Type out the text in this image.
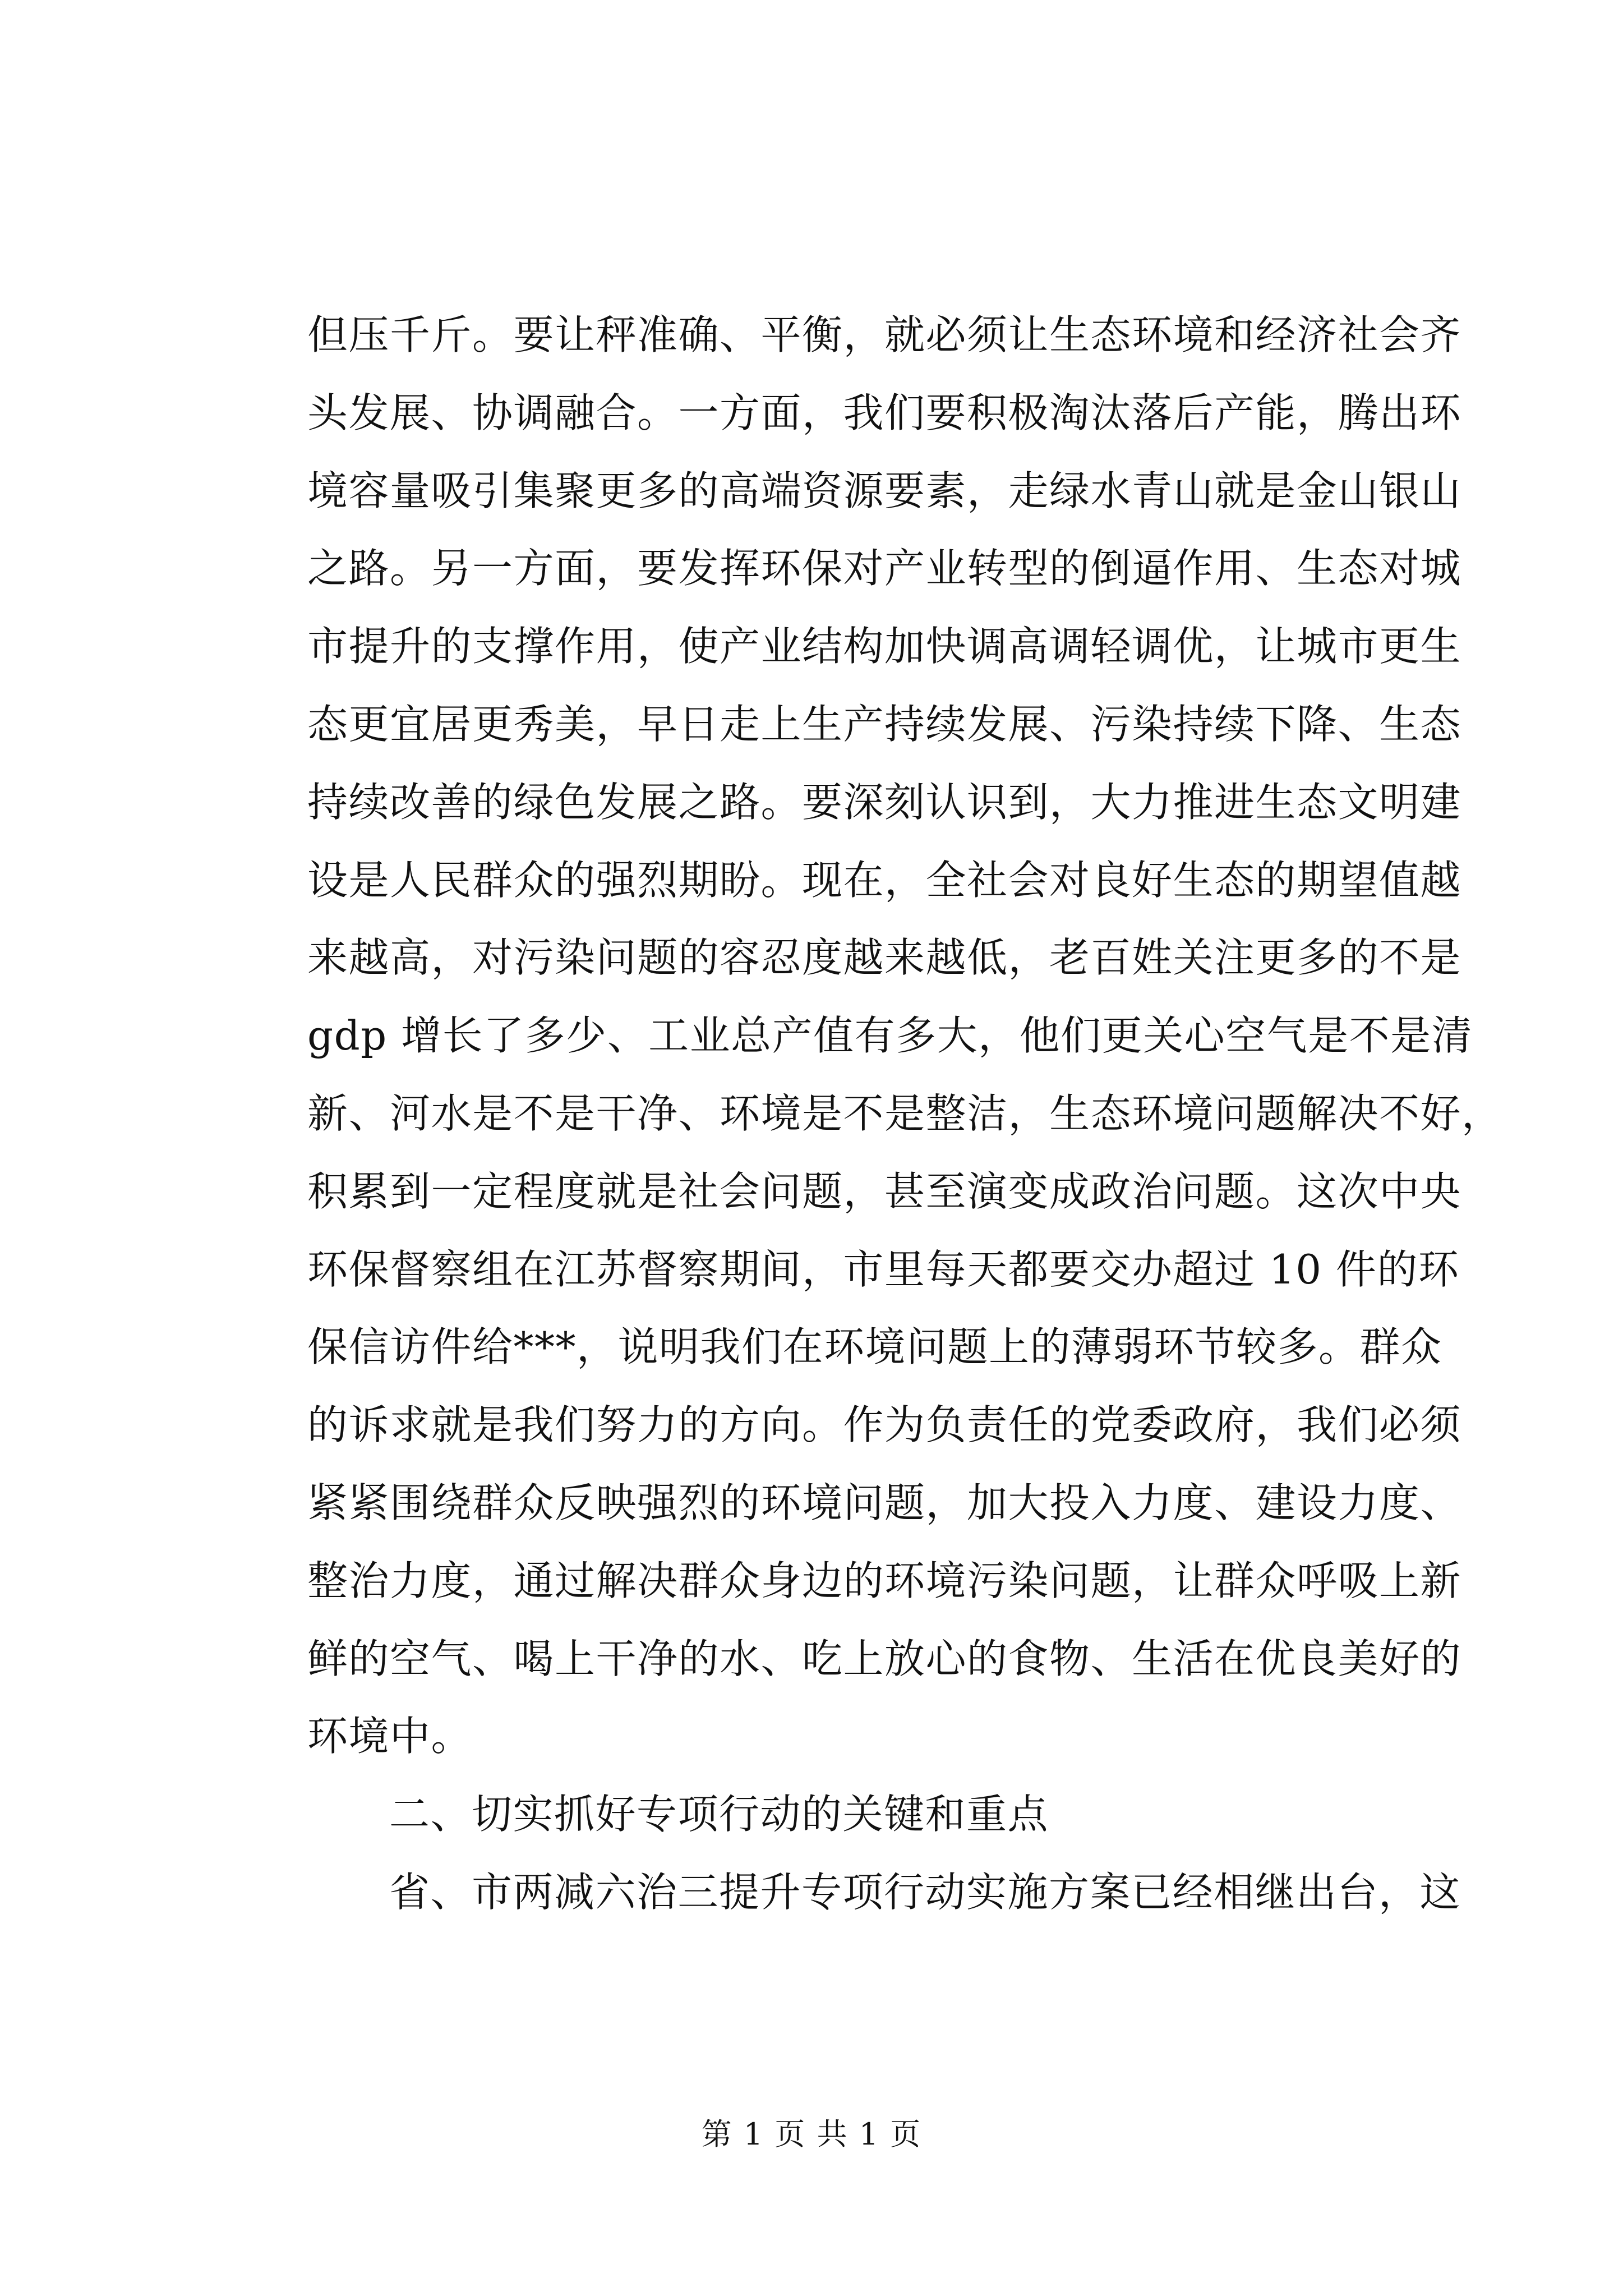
但压千斤。要让秤准确、平衡，就必须让生态环境和经济社会齐
头发展、协调融合。一方面，我们要积极淘汰落后产能，腾出环
境容量吸引集聚更多的高端资源要素，走绿水青山就是金山银山
之路。另一方面，要发挥环保对产业转型的倒逼作用、生态对城
市提升的支撑作用，使产业结构加快调高调轻调优，让城市更生
态更宜居更秀美，早日走上生产持续发展、污染持续下降、生态
持续改善的绿色发展之路。要深刻认识到，大力推进生态文明建
设是人民群众的强烈期盼。现在，全社会对良好生态的期望值越
来越高，对污染问题的容忍度越来越低，老百姓关注更多的不是
gdp 增长了多少、工业总产值有多大，他们更关心空气是不是清
新、河水是不是干净、环境是不是整洁，生态环境问题解决不好，
积累到一定程度就是社会问题，甚至演变成政治问题。这次中央
环保督察组在江苏督察期间，市里每天都要交办超过 10 件的环
保信访件给***，说明我们在环境问题上的薄弱环节较多。群众
的诉求就是我们努力的方向。作为负责任的党委政府，我们必须
紧紧围绕群众反映强烈的环境问题，加大投入力度、建设力度、
整治力度，通过解决群众身边的环境污染问题，让群众呼吸上新
鲜的空气、喝上干净的水、吃上放心的食物、生活在优良美好的
环境中。
二、切实抓好专项行动的关键和重点
省、市两减六治三提升专项行动实施方案已经相继出台，这
第 1 页 共 1 页
